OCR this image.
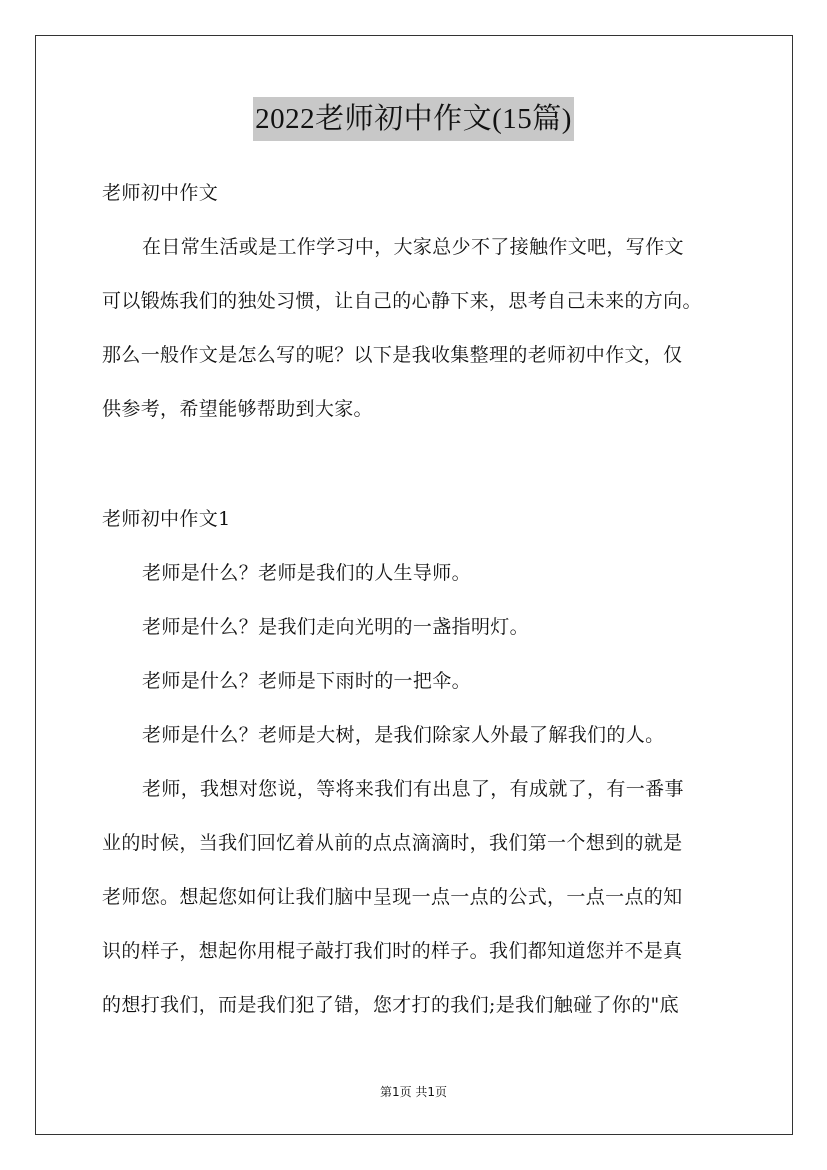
2022老师初中作文(15篇)
老师初中作文
在日常生活或是工作学习中，大家总少不了接触作文吧，写作文
可以锻炼我们的独处习惯，让自己的心静下来，思考自己未来的方向。
那么一般作文是怎么写的呢？以下是我收集整理的老师初中作文，仅
供参考，希望能够帮助到大家。
老师初中作文1
老师是什么？老师是我们的人生导师。
老师是什么？是我们走向光明的一盏指明灯。
老师是什么？老师是下雨时的一把伞。
老师是什么？老师是大树，是我们除家人外最了解我们的人。
老师，我想对您说，等将来我们有出息了，有成就了，有一番事
业的时候，当我们回忆着从前的点点滴滴时，我们第一个想到的就是
老师您。想起您如何让我们脑中呈现一点一点的公式，一点一点的知
识的样子，想起你用棍子敲打我们时的样子。我们都知道您并不是真
的想打我们，而是我们犯了错，您才打的我们;是我们触碰了你的"底
第1页 共1页
